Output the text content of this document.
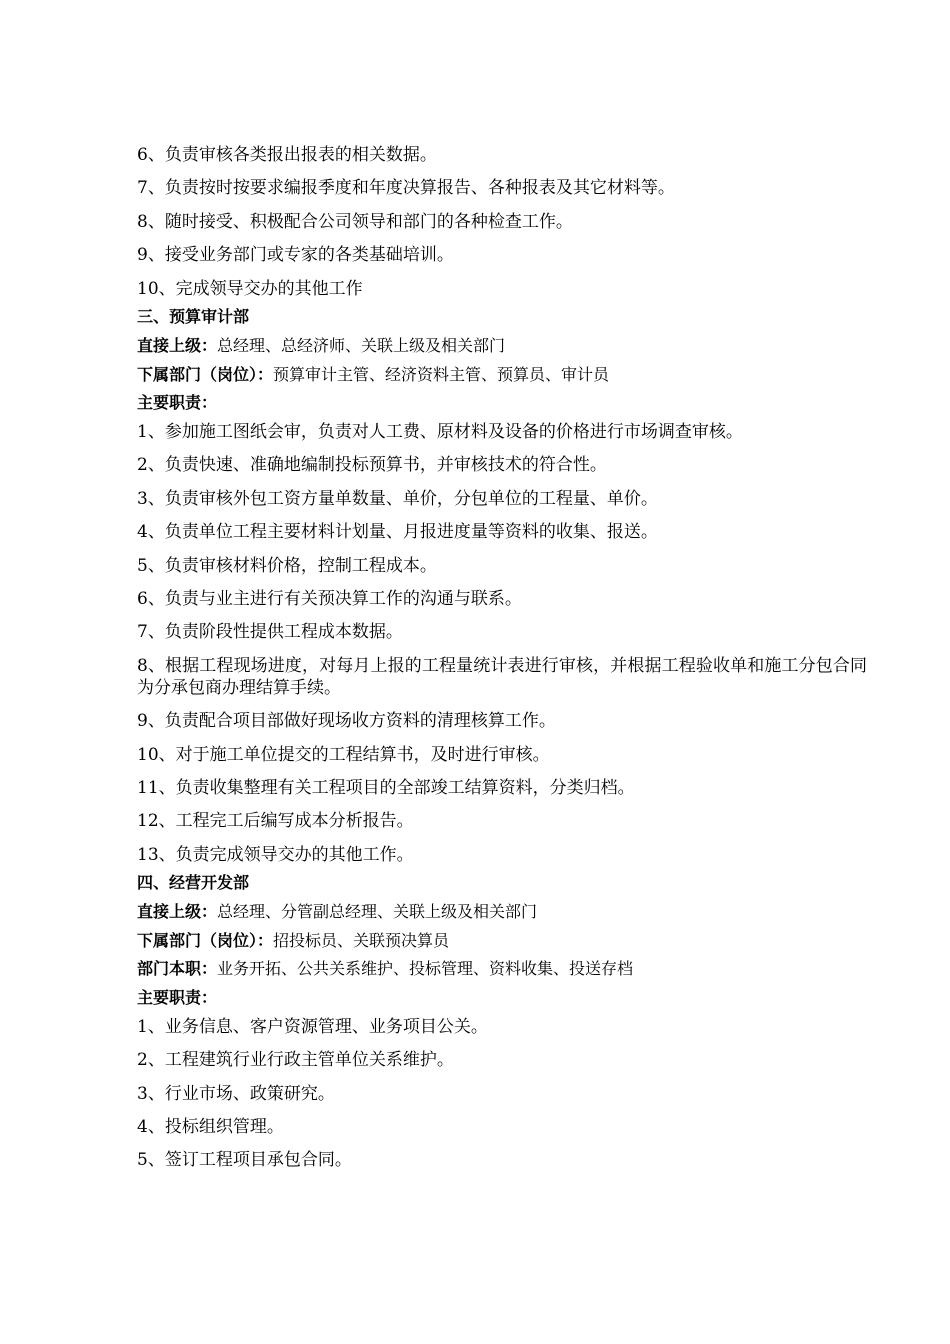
6、负责审核各类报出报表的相关数据。

7、负责按时按要求编报季度和年度决算报告、各种报表及其它材料等。

8、随时接受、积极配合公司领导和部门的各种检查工作。

9、接受业务部门或专家的各类基础培训。

10、完成领导交办的其他工作

三、预算审计部

直接上级：总经理、总经济师、关联上级及相关部门

下属部门（岗位）：预算审计主管、经济资料主管、预算员、审计员

主要职责：

1、参加施工图纸会审，负责对人工费、原材料及设备的价格进行市场调查审核。

2、负责快速、准确地编制投标预算书，并审核技术的符合性。

3、负责审核外包工资方量单数量、单价，分包单位的工程量、单价。

4、负责单位工程主要材料计划量、月报进度量等资料的收集、报送。

5、负责审核材料价格，控制工程成本。

6、负责与业主进行有关预决算工作的沟通与联系。

7、负责阶段性提供工程成本数据。

8、根据工程现场进度，对每月上报的工程量统计表进行审核，并根据工程验收单和施工分包合同为分承包商办理结算手续。

9、负责配合项目部做好现场收方资料的清理核算工作。

10、对于施工单位提交的工程结算书，及时进行审核。

11、负责收集整理有关工程项目的全部竣工结算资料，分类归档。

12、工程完工后编写成本分析报告。

13、负责完成领导交办的其他工作。

四、经营开发部

直接上级：总经理、分管副总经理、关联上级及相关部门

下属部门（岗位）：招投标员、关联预决算员

部门本职：业务开拓、公共关系维护、投标管理、资料收集、投送存档

主要职责：

1、业务信息、客户资源管理、业务项目公关。

2、工程建筑行业行政主管单位关系维护。

3、行业市场、政策研究。

4、投标组织管理。

5、签订工程项目承包合同。
